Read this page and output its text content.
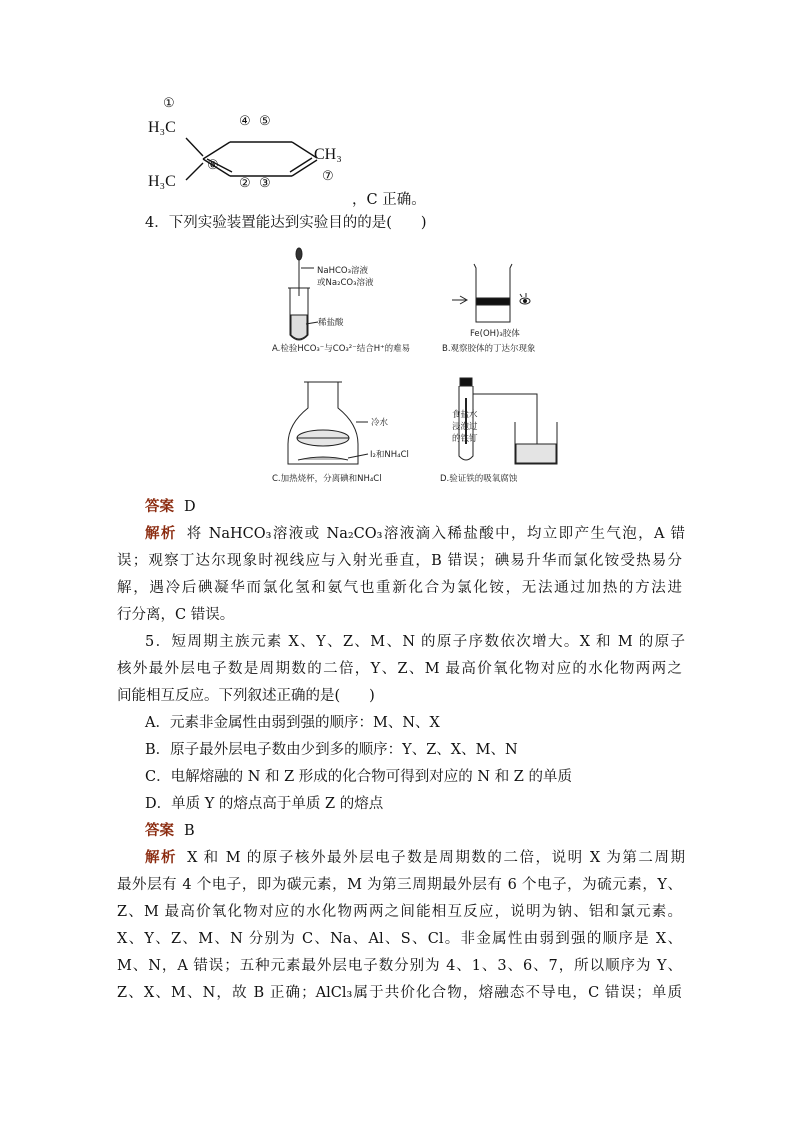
①
H₃C
H₃C
④ ⑤
⑥
② ③
CH₃
⑦
，C 正确。
4．下列实验装置能达到实验目的的是(　　)
NaHCO₃溶液
或Na₂CO₃溶液
稀盐酸
A.检验HCO₃⁻与CO₃²⁻结合H⁺的难易
Fe(OH)₃胶体
B.观察胶体的丁达尔现象
冷水
I₂和NH₄Cl
C.加热烧杯，分离碘和NH₄Cl
食盐水
浸泡过
的铁钉
D.验证铁的吸氧腐蚀
答案 D
解析 将 NaHCO₃溶液或 Na₂CO₃溶液滴入稀盐酸中，均立即产生气泡，A 错
误；观察丁达尔现象时视线应与入射光垂直，B 错误；碘易升华而氯化铵受热易分
解，遇冷后碘凝华而氯化氢和氨气也重新化合为氯化铵，无法通过加热的方法进
行分离，C 错误。
5．短周期主族元素 X、Y、Z、M、N 的原子序数依次增大。X 和 M 的原子
核外最外层电子数是周期数的二倍，Y、Z、M 最高价氧化物对应的水化物两两之
间能相互反应。下列叙述正确的是(　　)
A．元素非金属性由弱到强的顺序：M、N、X
B．原子最外层电子数由少到多的顺序：Y、Z、X、M、N
C．电解熔融的 N 和 Z 形成的化合物可得到对应的 N 和 Z 的单质
D．单质 Y 的熔点高于单质 Z 的熔点
答案 B
解析 X 和 M 的原子核外最外层电子数是周期数的二倍，说明 X 为第二周期
最外层有 4 个电子，即为碳元素，M 为第三周期最外层有 6 个电子，为硫元素，Y、
Z、M 最高价氧化物对应的水化物两两之间能相互反应，说明为钠、铝和氯元素。
X、Y、Z、M、N 分别为 C、Na、Al、S、Cl。非金属性由弱到强的顺序是 X、
M、N，A 错误；五种元素最外层电子数分别为 4、1、3、6、7，所以顺序为 Y、
Z、X、M、N，故 B 正确；AlCl₃属于共价化合物，熔融态不导电，C 错误；单质
